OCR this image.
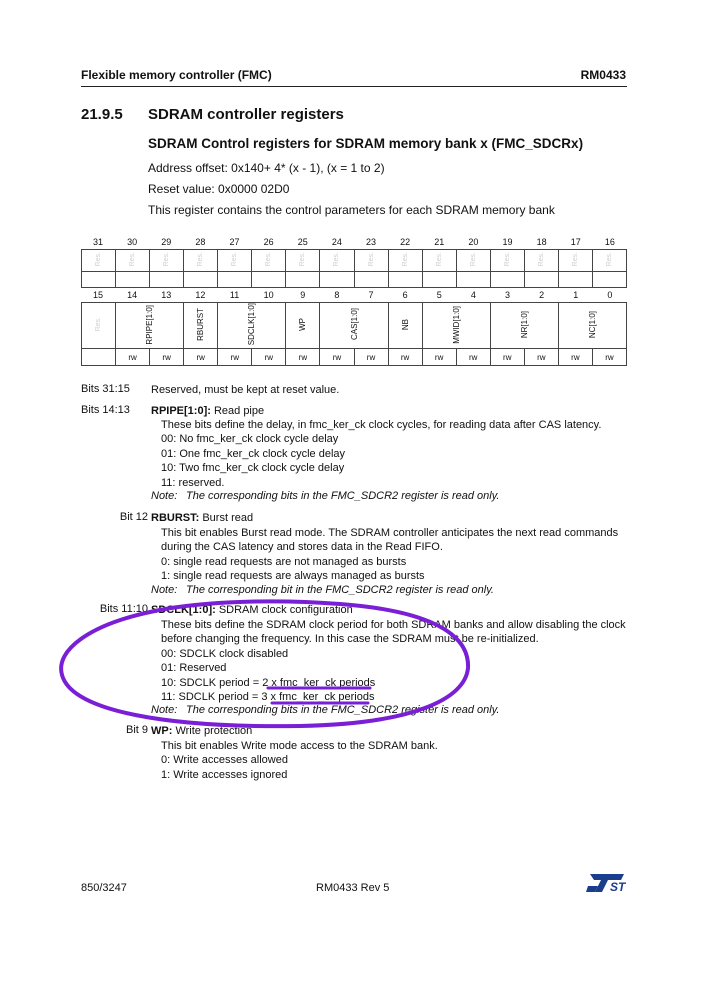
Flexible memory controller (FMC)	RM0433
21.9.5 SDRAM controller registers
SDRAM Control registers for SDRAM memory bank x (FMC_SDCRx)
Address offset: 0x140+ 4* (x - 1), (x = 1 to 2)
Reset value: 0x0000 02D0
This register contains the control parameters for each SDRAM memory bank
31	30	29	28	27	26	25	24	23	22	21	20	19	18	17	16
Res.	Res.	Res.	Res.	Res.	Res.	Res.	Res.	Res.	Res.	Res.	Res.	Res.	Res.	Res.	Res.

15	14	13	12	11	10	9	8	7	6	5	4	3	2	1	0
Res.	RPIPE[1:0]		RBURST	SDCLK[1:0]		WP	CAS[1:0]		NB	MWID[1:0]		NR[1:0]		NC[1:0]	
	rw	rw	rw	rw	rw	rw	rw	rw	rw	rw	rw	rw	rw	rw	rw
Bits 31:15	Reserved, must be kept at reset value.
Bits 14:13	RPIPE[1:0]: Read pipe
These bits define the delay, in fmc_ker_ck clock cycles, for reading data after CAS latency.
00: No fmc_ker_ck clock cycle delay
01: One fmc_ker_ck clock cycle delay
10: Two fmc_ker_ck clock cycle delay
11: reserved.
Note: The corresponding bits in the FMC_SDCR2 register is read only.
Bit 12 RBURST: Burst read
This bit enables Burst read mode. The SDRAM controller anticipates the next read commands
during the CAS latency and stores data in the Read FIFO.
0: single read requests are not managed as bursts
1: single read requests are always managed as bursts
Note: The corresponding bit in the FMC_SDCR2 register is read only.
Bits 11:10 SDCLK[1:0]: SDRAM clock configuration
These bits define the SDRAM clock period for both SDRAM banks and allow disabling the clock
before changing the frequency. In this case the SDRAM must be re-initialized.
00: SDCLK clock disabled
01: Reserved
10: SDCLK period = 2 x fmc_ker_ck periods
11: SDCLK period = 3 x fmc_ker_ck periods
Note: The corresponding bits in the FMC_SDCR2 register is read only.
Bit 9 WP: Write protection
This bit enables Write mode access to the SDRAM bank.
0: Write accesses allowed
1: Write accesses ignored
850/3247	RM0433 Rev 5	ST
